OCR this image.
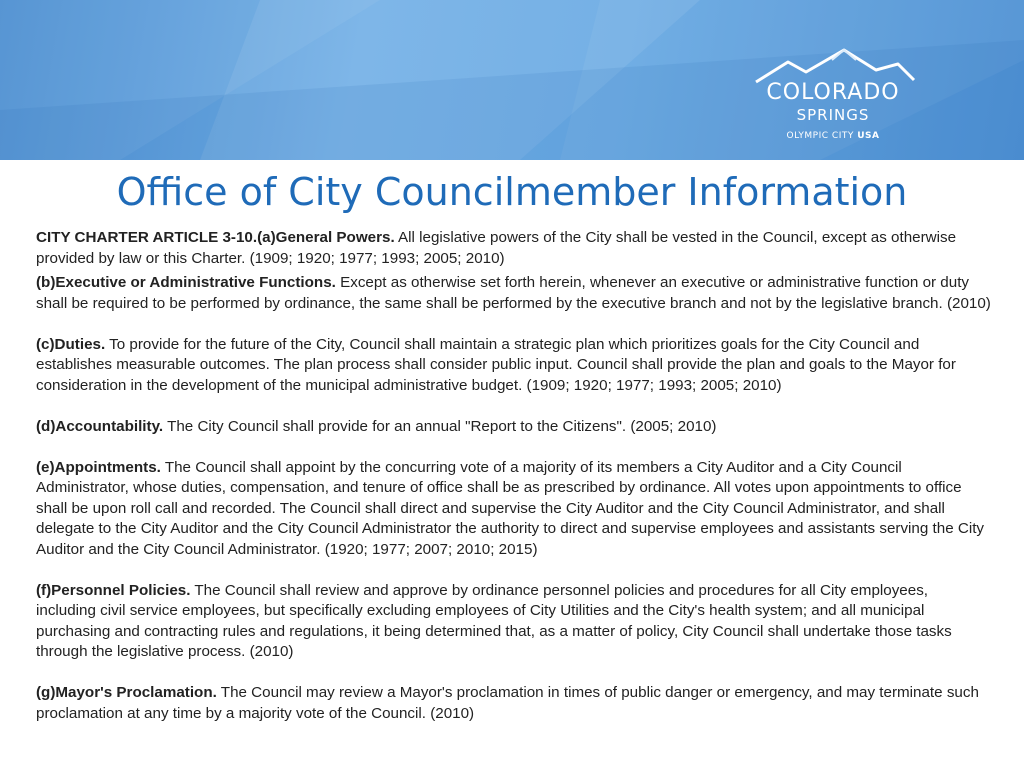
COLORADO
SPRINGS
OLYMPIC CITY USA
Office of City Councilmember Information

CITY CHARTER ARTICLE 3-10.(a)General Powers. All legislative powers of the City shall be vested in the Council, except as otherwise provided by law or this Charter. (1909; 1920; 1977; 1993; 2005; 2010)

(b)Executive or Administrative Functions. Except as otherwise set forth herein, whenever an executive or administrative function or duty shall be required to be performed by ordinance, the same shall be performed by the executive branch and not by the legislative branch. (2010)

(c)Duties. To provide for the future of the City, Council shall maintain a strategic plan which prioritizes goals for the City Council and establishes measurable outcomes. The plan process shall consider public input. Council shall provide the plan and goals to the Mayor for consideration in the development of the municipal administrative budget. (1909; 1920; 1977; 1993; 2005; 2010)

(d)Accountability. The City Council shall provide for an annual "Report to the Citizens". (2005; 2010)

(e)Appointments. The Council shall appoint by the concurring vote of a majority of its members a City Auditor and a City Council Administrator, whose duties, compensation, and tenure of office shall be as prescribed by ordinance. All votes upon appointments to office shall be upon roll call and recorded. The Council shall direct and supervise the City Auditor and the City Council Administrator, and shall delegate to the City Auditor and the City Council Administrator the authority to direct and supervise employees and assistants serving the City Auditor and the City Council Administrator. (1920; 1977; 2007; 2010; 2015)

(f)Personnel Policies. The Council shall review and approve by ordinance personnel policies and procedures for all City employees, including civil service employees, but specifically excluding employees of City Utilities and the City's health system; and all municipal purchasing and contracting rules and regulations, it being determined that, as a matter of policy, City Council shall undertake those tasks through the legislative process. (2010)

(g)Mayor's Proclamation. The Council may review a Mayor's proclamation in times of public danger or emergency, and may terminate such proclamation at any time by a majority vote of the Council. (2010)
